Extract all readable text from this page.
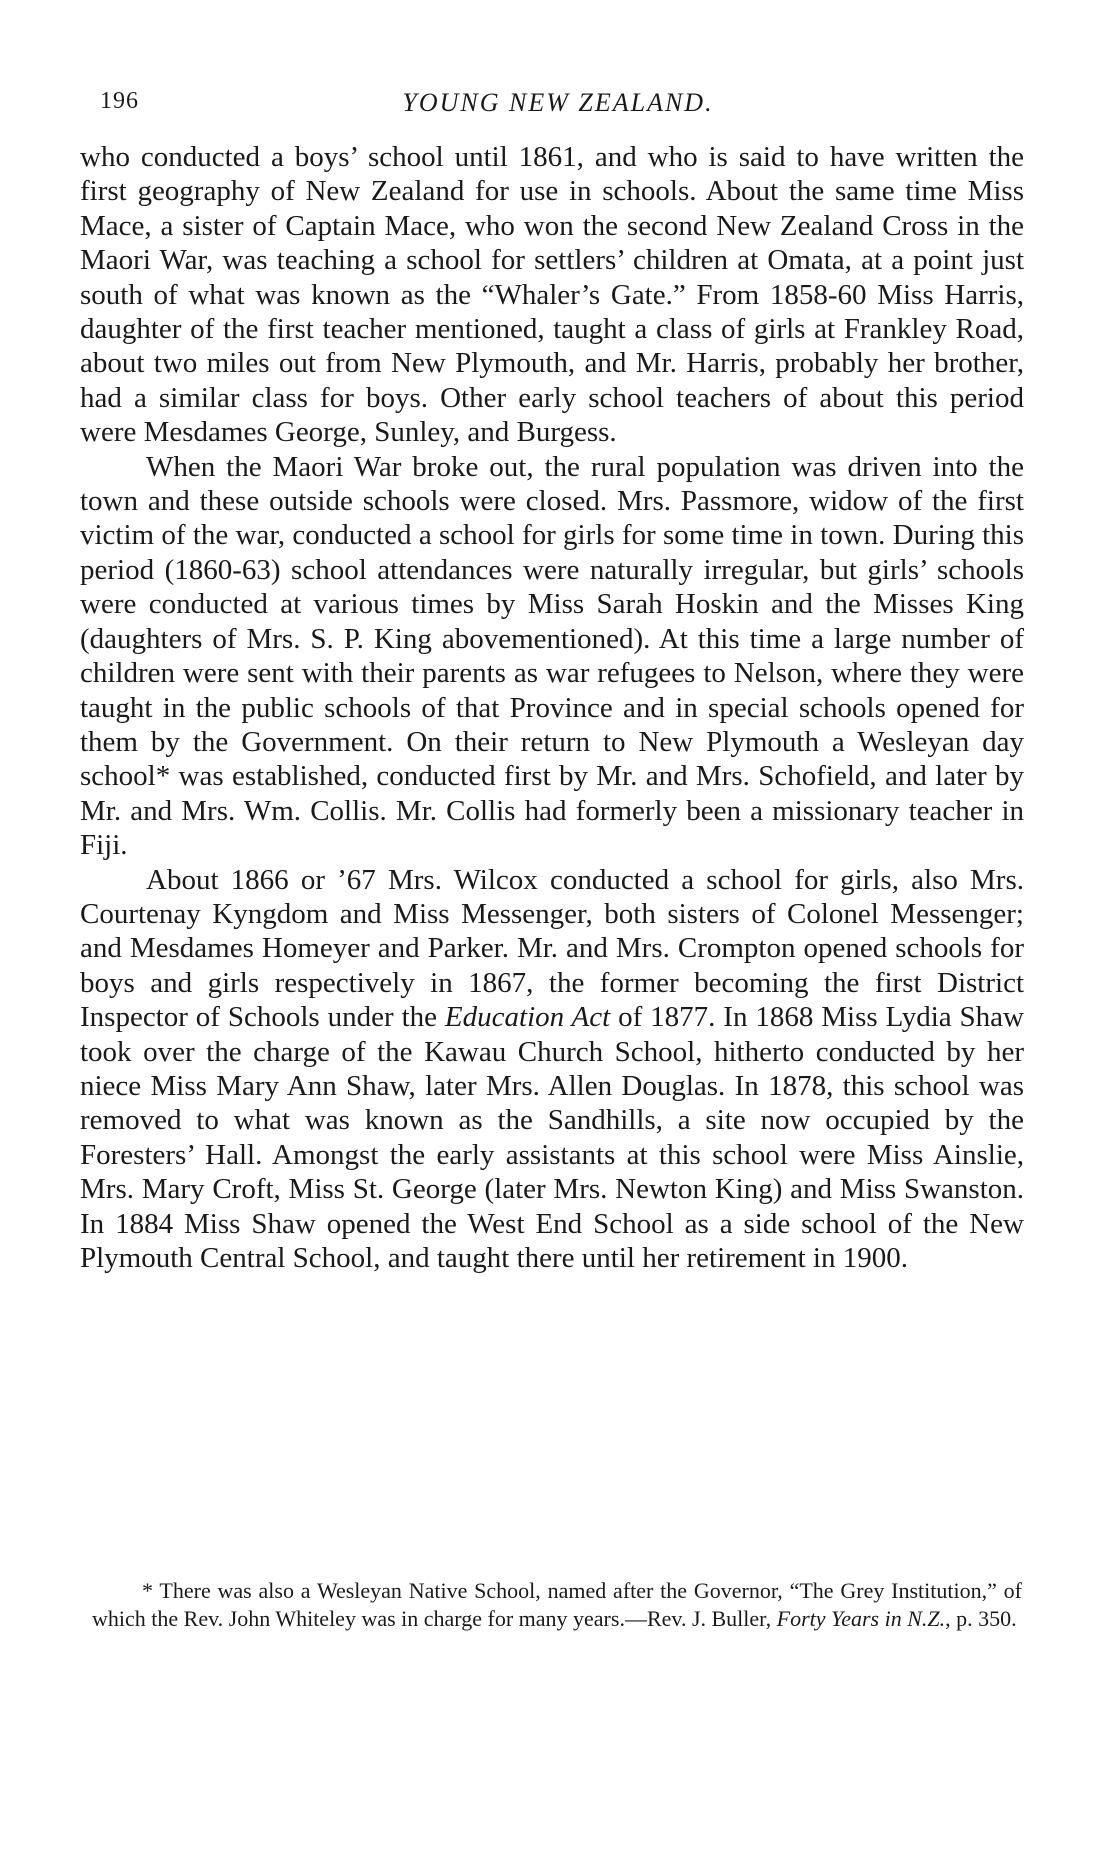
196	YOUNG NEW ZEALAND.

who conducted a boys’ school until 1861, and who is said to have written the first geography of New Zealand for use in schools. About the same time Miss Mace, a sister of Captain Mace, who won the second New Zealand Cross in the Maori War, was teaching a school for settlers’ children at Omata, at a point just south of what was known as the “Whaler’s Gate.” From 1858-60 Miss Harris, daughter of the first teacher mentioned, taught a class of girls at Frankley Road, about two miles out from New Plymouth, and Mr. Harris, probably her brother, had a similar class for boys. Other early school teachers of about this period were Mesdames George, Sunley, and Burgess.

When the Maori War broke out, the rural population was driven into the town and these outside schools were closed. Mrs. Passmore, widow of the first victim of the war, conducted a school for girls for some time in town. During this period (1860-63) school attendances were naturally irregular, but girls’ schools were conducted at various times by Miss Sarah Hoskin and the Misses King (daughters of Mrs. S. P. King abovementioned). At this time a large number of children were sent with their parents as war refugees to Nelson, where they were taught in the public schools of that Province and in special schools opened for them by the Government. On their return to New Plymouth a Wesleyan day school* was established, conducted first by Mr. and Mrs. Schofield, and later by Mr. and Mrs. Wm. Collis. Mr. Collis had formerly been a missionary teacher in Fiji.

About 1866 or ’67 Mrs. Wilcox conducted a school for girls, also Mrs. Courtenay Kyngdom and Miss Messenger, both sisters of Colonel Messenger; and Mesdames Homeyer and Parker. Mr. and Mrs. Crompton opened schools for boys and girls respectively in 1867, the former becoming the first District Inspector of Schools under the Education Act of 1877. In 1868 Miss Lydia Shaw took over the charge of the Kawau Church School, hitherto conducted by her niece Miss Mary Ann Shaw, later Mrs. Allen Douglas. In 1878, this school was removed to what was known as the Sandhills, a site now occupied by the Foresters’ Hall. Amongst the early assistants at this school were Miss Ainslie, Mrs. Mary Croft, Miss St. George (later Mrs. Newton King) and Miss Swanston. In 1884 Miss Shaw opened the West End School as a side school of the New Plymouth Central School, and taught there until her retirement in 1900.

* There was also a Wesleyan Native School, named after the Governor, “The Grey Institution,” of which the Rev. John Whiteley was in charge for many years.—Rev. J. Buller, Forty Years in N.Z., p. 350.
